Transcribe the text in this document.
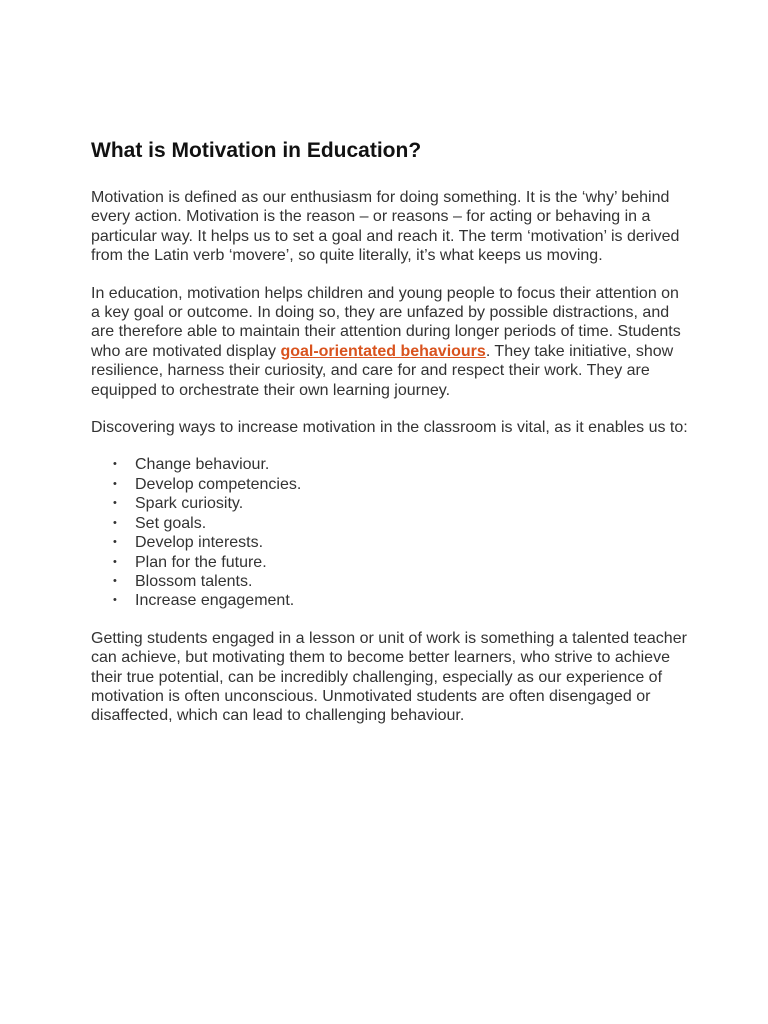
What is Motivation in Education?

Motivation is defined as our enthusiasm for doing something. It is the ‘why’ behind every action. Motivation is the reason – or reasons – for acting or behaving in a particular way. It helps us to set a goal and reach it. The term ‘motivation’ is derived from the Latin verb ‘movere’, so quite literally, it’s what keeps us moving.

In education, motivation helps children and young people to focus their attention on a key goal or outcome. In doing so, they are unfazed by possible distractions, and are therefore able to maintain their attention during longer periods of time. Students who are motivated display goal-orientated behaviours. They take initiative, show resilience, harness their curiosity, and care for and respect their work. They are equipped to orchestrate their own learning journey.

Discovering ways to increase motivation in the classroom is vital, as it enables us to:

• Change behaviour.
• Develop competencies.
• Spark curiosity.
• Set goals.
• Develop interests.
• Plan for the future.
• Blossom talents.
• Increase engagement.

Getting students engaged in a lesson or unit of work is something a talented teacher can achieve, but motivating them to become better learners, who strive to achieve their true potential, can be incredibly challenging, especially as our experience of motivation is often unconscious. Unmotivated students are often disengaged or disaffected, which can lead to challenging behaviour.
